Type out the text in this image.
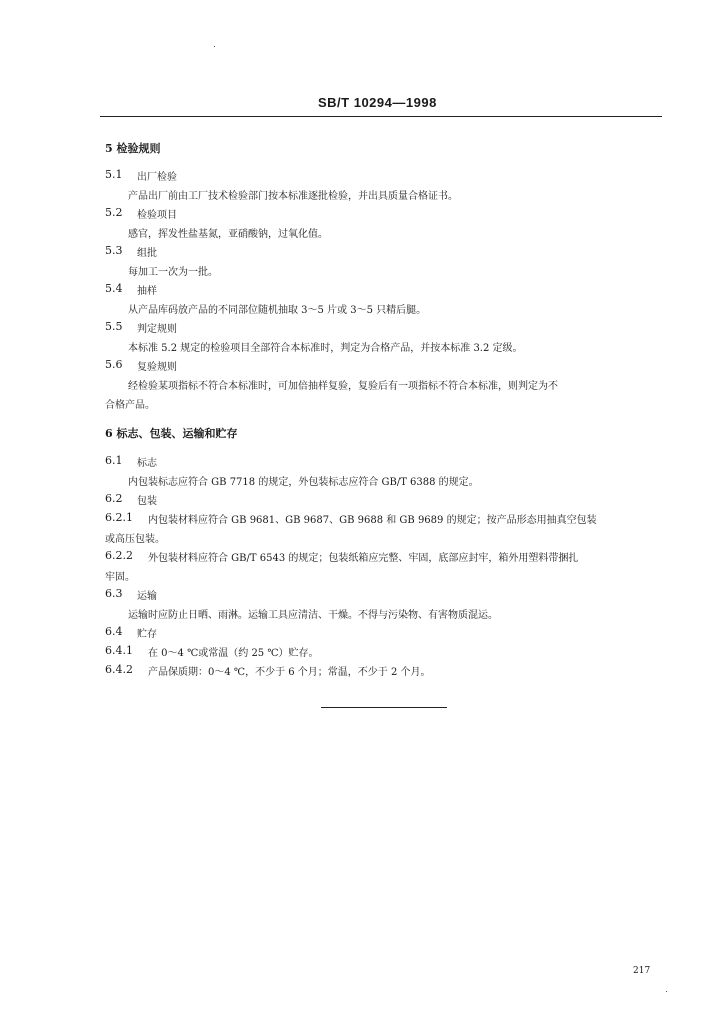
SB/T 10294—1998
5 检验规则
5.1 出厂检验
产品出厂前由工厂技术检验部门按本标准逐批检验，并出具质量合格证书。
5.2 检验项目
感官，挥发性盐基氮，亚硝酸钠，过氧化值。
5.3 组批
每加工一次为一批。
5.4 抽样
从产品库码放产品的不同部位随机抽取 3～5 片或 3～5 只精后腿。
5.5 判定规则
本标准 5.2 规定的检验项目全部符合本标准时，判定为合格产品，并按本标准 3.2 定级。
5.6 复验规则
经检验某项指标不符合本标准时，可加倍抽样复验，复验后有一项指标不符合本标准，则判定为不
合格产品。
6 标志、包装、运输和贮存
6.1 标志
内包装标志应符合 GB 7718 的规定，外包装标志应符合 GB/T 6388 的规定。
6.2 包装
6.2.1 内包装材料应符合 GB 9681、GB 9687、GB 9688 和 GB 9689 的规定；按产品形态用抽真空包装
或高压包装。
6.2.2 外包装材料应符合 GB/T 6543 的规定；包装纸箱应完整、牢固，底部应封牢，箱外用塑料带捆扎
牢固。
6.3 运输
运输时应防止日晒、雨淋。运输工具应清洁、干燥。不得与污染物、有害物质混运。
6.4 贮存
6.4.1 在 0～4 ℃或常温（约 25 ℃）贮存。
6.4.2 产品保质期：0～4 ℃，不少于 6 个月；常温，不少于 2 个月。
217
